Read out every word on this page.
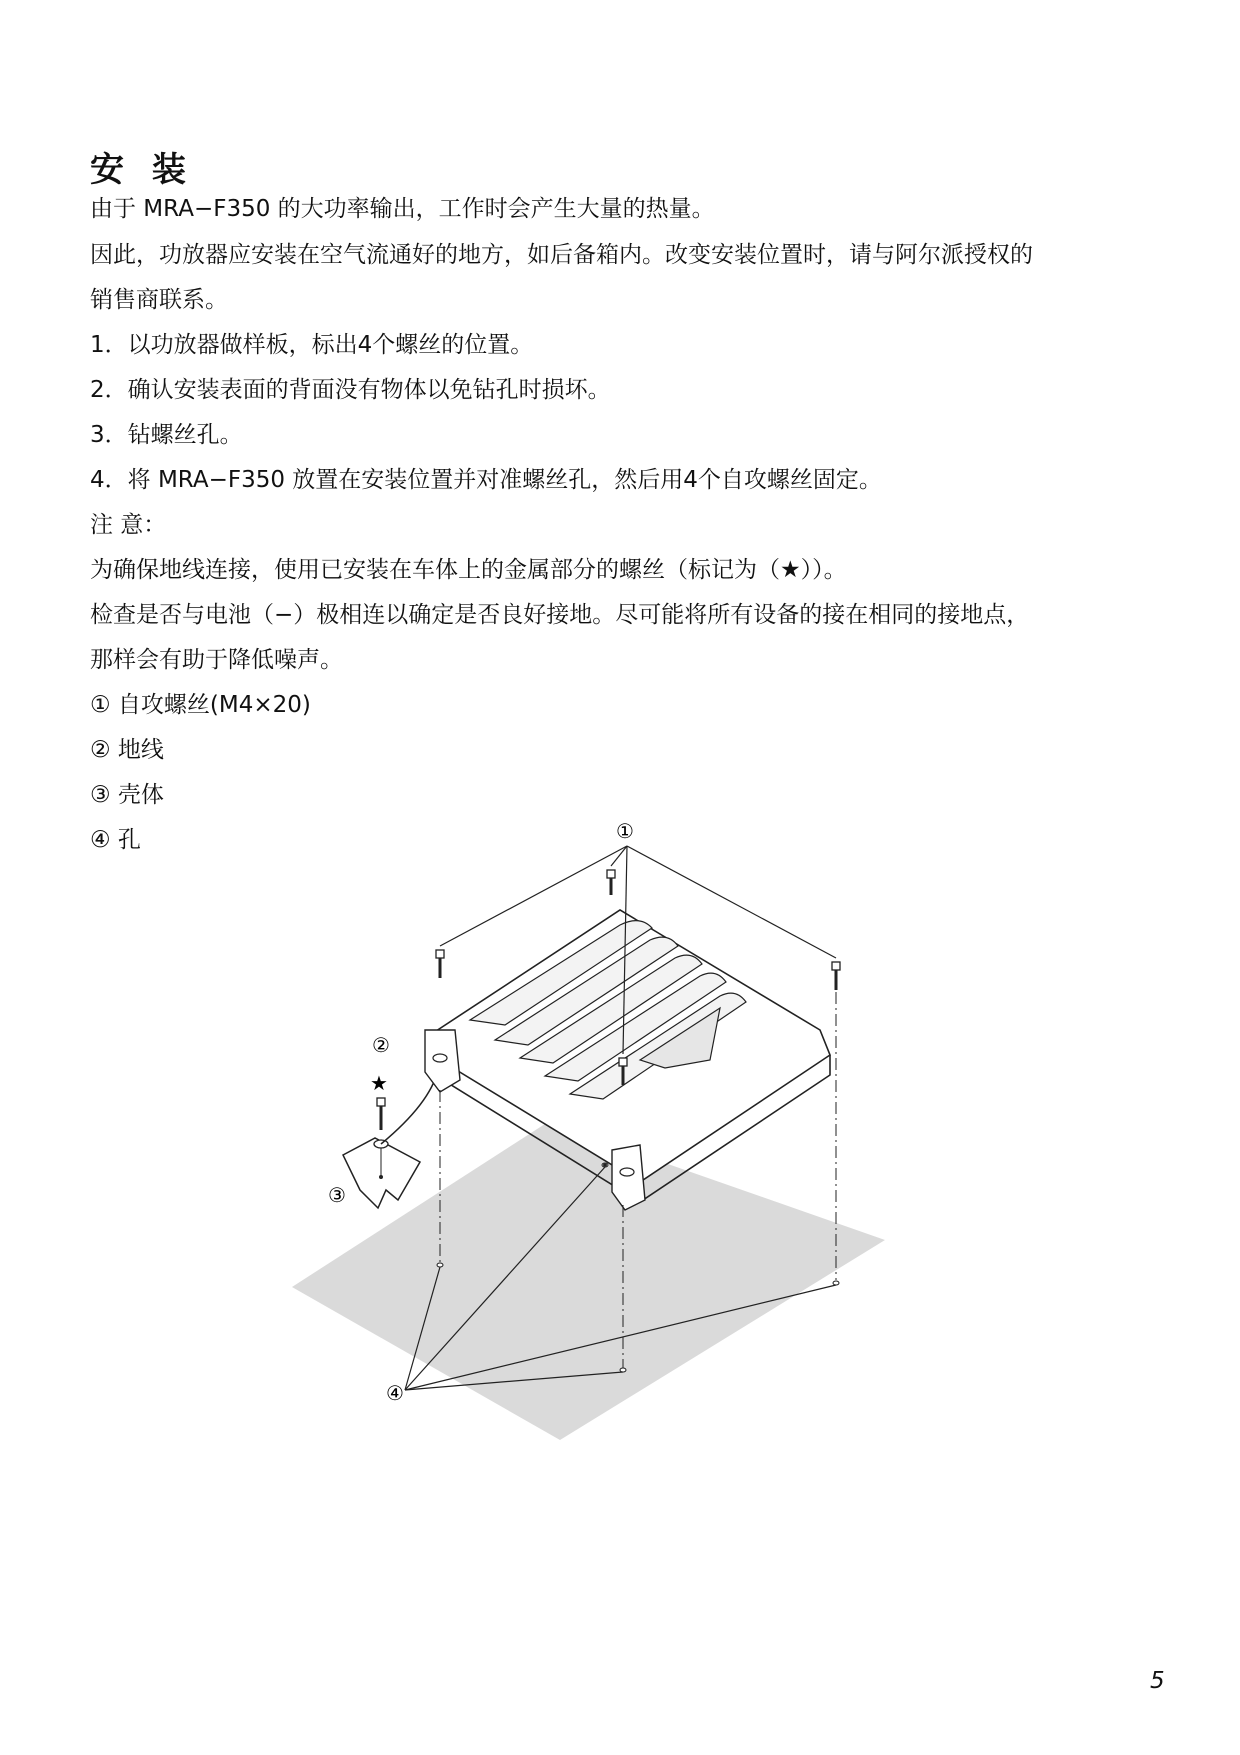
安 装
由于 MRA−F350 的大功率输出，工作时会产生大量的热量。
因此，功放器应安装在空气流通好的地方，如后备箱内。改变安装位置时，请与阿尔派授权的
销售商联系。
1．以功放器做样板，标出4个螺丝的位置。
2．确认安装表面的背面没有物体以免钻孔时损坏。
3．钻螺丝孔。
4．将 MRA−F350 放置在安装位置并对准螺丝孔，然后用4个自攻螺丝固定。
注 意：
为确保地线连接，使用已安装在车体上的金属部分的螺丝（标记为（★））。
检查是否与电池（−）极相连以确定是否良好接地。尽可能将所有设备的接在相同的接地点，
那样会有助于降低噪声。
① 自攻螺丝(M4×20)
② 地线
③ 壳体
④ 孔	①
②
★
③
④
5
